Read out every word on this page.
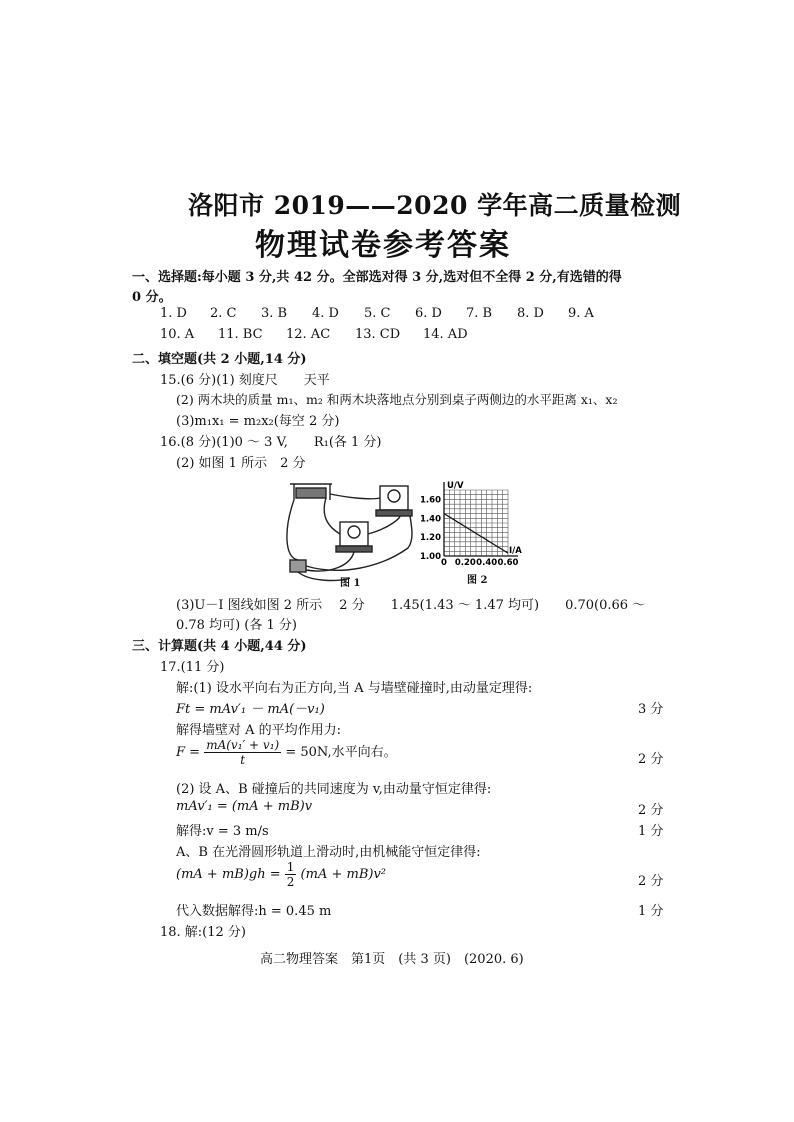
洛阳市 2019——2020 学年高二质量检测
物理试卷参考答案
一、选择题:每小题 3 分,共 42 分。全部选对得 3 分,选对但不全得 2 分,有选错的得
0 分。
1. D 2. C 3. B 4. D 5. C 6. D 7. B 8. D 9. A
10. A 11. BC 12. AC 13. CD 14. AD
二、填空题(共 2 小题,14 分)
15.(6 分)(1) 刻度尺　　天平
(2) 两木块的质量 m₁、m₂ 和两木块落地点分别到桌子两侧边的水平距离 x₁、x₂
(3)m₁x₁ = m₂x₂(每空 2 分)
16.(8 分)(1)0 ～ 3 V,　　R₁(各 1 分)
(2) 如图 1 所示　2 分
图 1
U/V
I/A
1.60
1.40
1.20
1.00
0 0.20 0.40 0.60
图 2
(3)U－I 图线如图 2 所示　 2 分　　1.45(1.43 ～ 1.47 均可)　　0.70(0.66 ～
0.78 均可) (各 1 分)
三、计算题(共 4 小题,44 分)
17.(11 分)
解:(1) 设水平向右为正方向,当 A 与墙壁碰撞时,由动量定理得:
Ft = mAv′₁ － mA(－v₁)	3 分
解得墙壁对 A 的平均作用力:
$F = \frac{\text{mA(v₁′ + v₁)}}{t} = 50N$,水平向右。	2 分
(2) 设 A、B 碰撞后的共同速度为 v,由动量守恒定律得:
mAv′₁ = (mA + mB)v	2 分
解得:v = 3 m/s	1 分
A、B 在光滑圆形轨道上滑动时,由机械能守恒定律得:
$(mA + mB)gh = \frac{1}{2} (mA + mB)v^2$	2 分
代入数据解得:h = 0.45 m	1 分
18. 解:(12 分)
高二物理答案　第1页　(共 3 页)　(2020. 6)
